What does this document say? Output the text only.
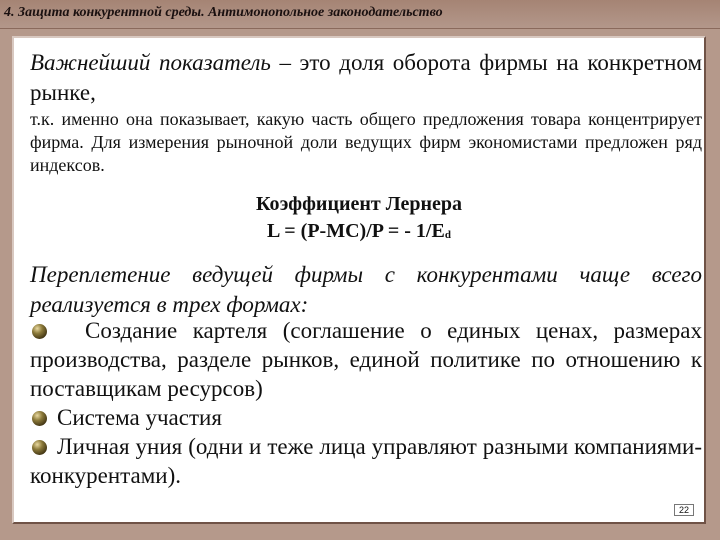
4. Защита конкурентной среды. Антимонопольное законодательство
Важнейший показатель – это доля оборота фирмы на конкретном рынке,
т.к. именно она показывает, какую часть общего предложения товара концентрирует фирма. Для измерения рыночной доли ведущих фирм экономистами предложен ряд индексов.
Коэффициент Лернера
L = (P-MC)/P = - $1/E_d$
Переплетение ведущей фирмы с конкурентами чаще всего реализуется в трех формах:
Создание картеля (соглашение о единых ценах, размерах производства, разделе рынков, единой политике по отношению к поставщикам ресурсов)
Система участия
Личная уния (одни и теже лица управляют разными компаниями- конкурентами).
22
